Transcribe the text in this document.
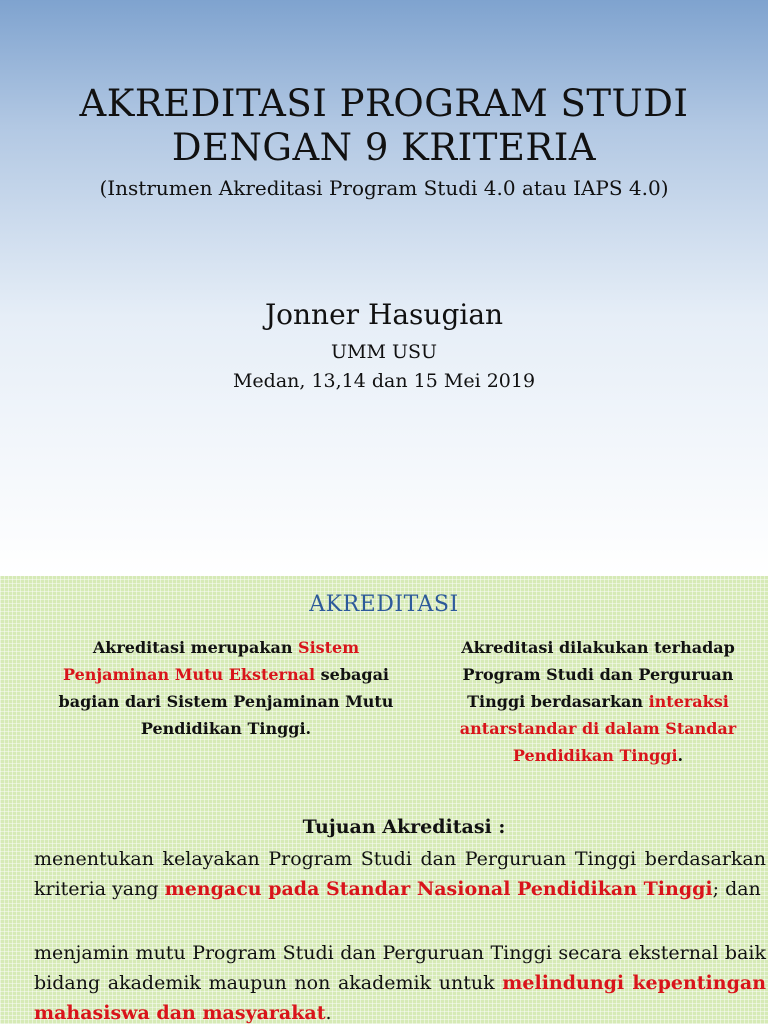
AKREDITASI PROGRAM STUDI
DENGAN 9 KRITERIA
(Instrumen Akreditasi Program Studi 4.0 atau IAPS 4.0)
Jonner Hasugian
UMM USU
Medan, 13,14 dan 15 Mei 2019
AKREDITASI
Akreditasi merupakan Sistem Penjaminan Mutu Eksternal sebagai bagian dari Sistem Penjaminan Mutu Pendidikan Tinggi.
Akreditasi dilakukan terhadap Program Studi dan Perguruan Tinggi berdasarkan interaksi antarstandar di dalam Standar Pendidikan Tinggi.
Tujuan Akreditasi :
menentukan kelayakan Program Studi dan Perguruan Tinggi berdasarkan kriteria yang mengacu pada Standar Nasional Pendidikan Tinggi; dan
menjamin mutu Program Studi dan Perguruan Tinggi secara eksternal baik bidang akademik maupun non akademik untuk melindungi kepentingan mahasiswa dan masyarakat.
